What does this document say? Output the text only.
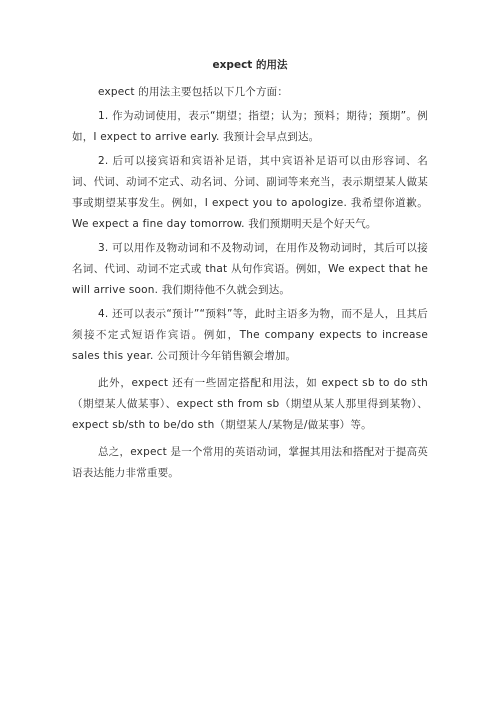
expect 的用法

expect 的用法主要包括以下几个方面：

1. 作为动词使用，表示“期望；指望；认为；预料；期待；预期”。例如，I expect to arrive early. 我预计会早点到达。

2. 后可以接宾语和宾语补足语，其中宾语补足语可以由形容词、名词、代词、动词不定式、动名词、分词、副词等来充当，表示期望某人做某事或期望某事发生。例如，I expect you to apologize. 我希望你道歉。We expect a fine day tomorrow. 我们预期明天是个好天气。

3. 可以用作及物动词和不及物动词，在用作及物动词时，其后可以接名词、代词、动词不定式或 that 从句作宾语。例如，We expect that he will arrive soon. 我们期待他不久就会到达。

4. 还可以表示“预计”“预料”等，此时主语多为物，而不是人，且其后须接不定式短语作宾语。例如，The company expects to increase sales this year. 公司预计今年销售额会增加。

此外，expect 还有一些固定搭配和用法，如 expect sb to do sth（期望某人做某事）、expect sth from sb（期望从某人那里得到某物）、expect sb/sth to be/do sth（期望某人/某物是/做某事）等。

总之，expect 是一个常用的英语动词，掌握其用法和搭配对于提高英语表达能力非常重要。
